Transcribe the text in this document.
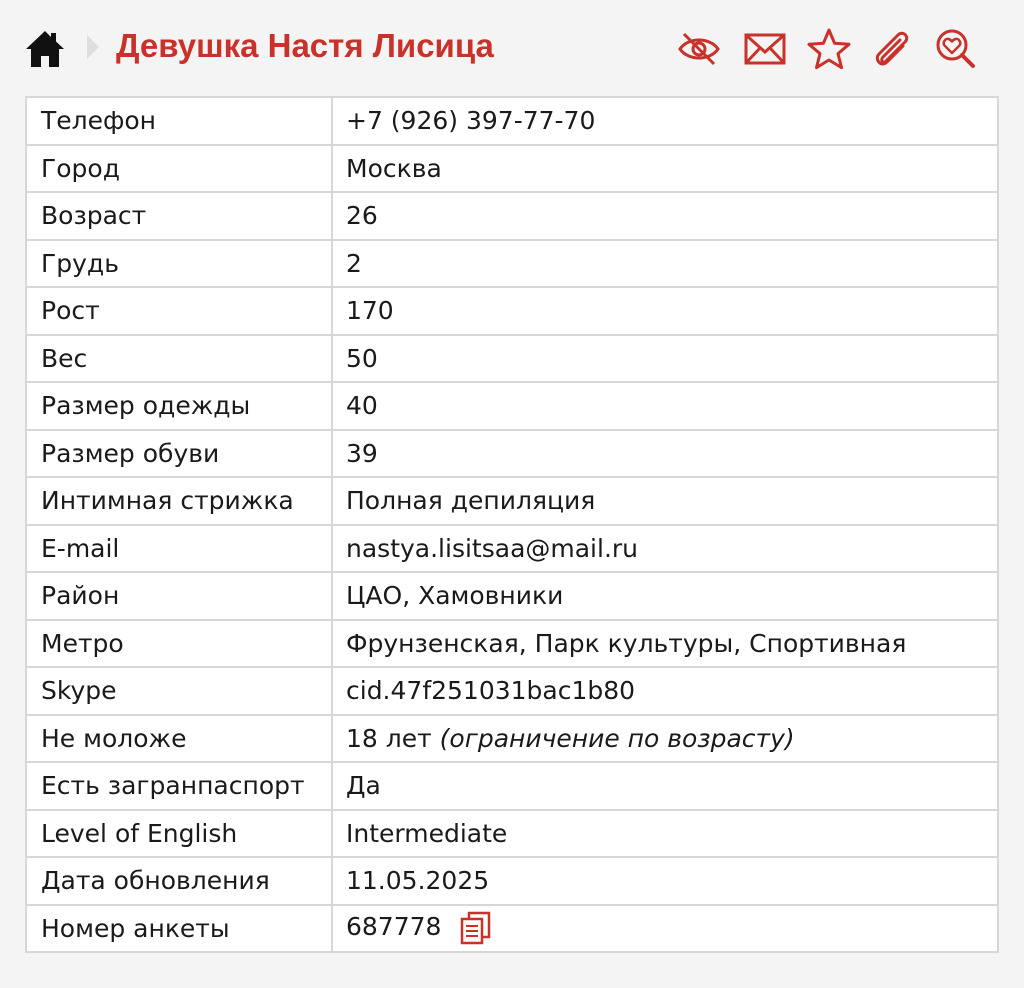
Девушка Настя Лисица
Телефон	+7 (926) 397-77-70
Город	Москва
Возраст	26
Грудь	2
Рост	170
Вес	50
Размер одежды	40
Размер обуви	39
Интимная стрижка	Полная депиляция
E-mail	nastya.lisitsaa@mail.ru
Район	ЦАО, Хамовники
Метро	Фрунзенская, Парк культуры, Спортивная
Skype	cid.47f251031bac1b80
Не моложе	18 лет (ограничение по возрасту)
Есть загранпаспорт	Да
Level of English	Intermediate
Дата обновления	11.05.2025
Номер анкеты	687778
